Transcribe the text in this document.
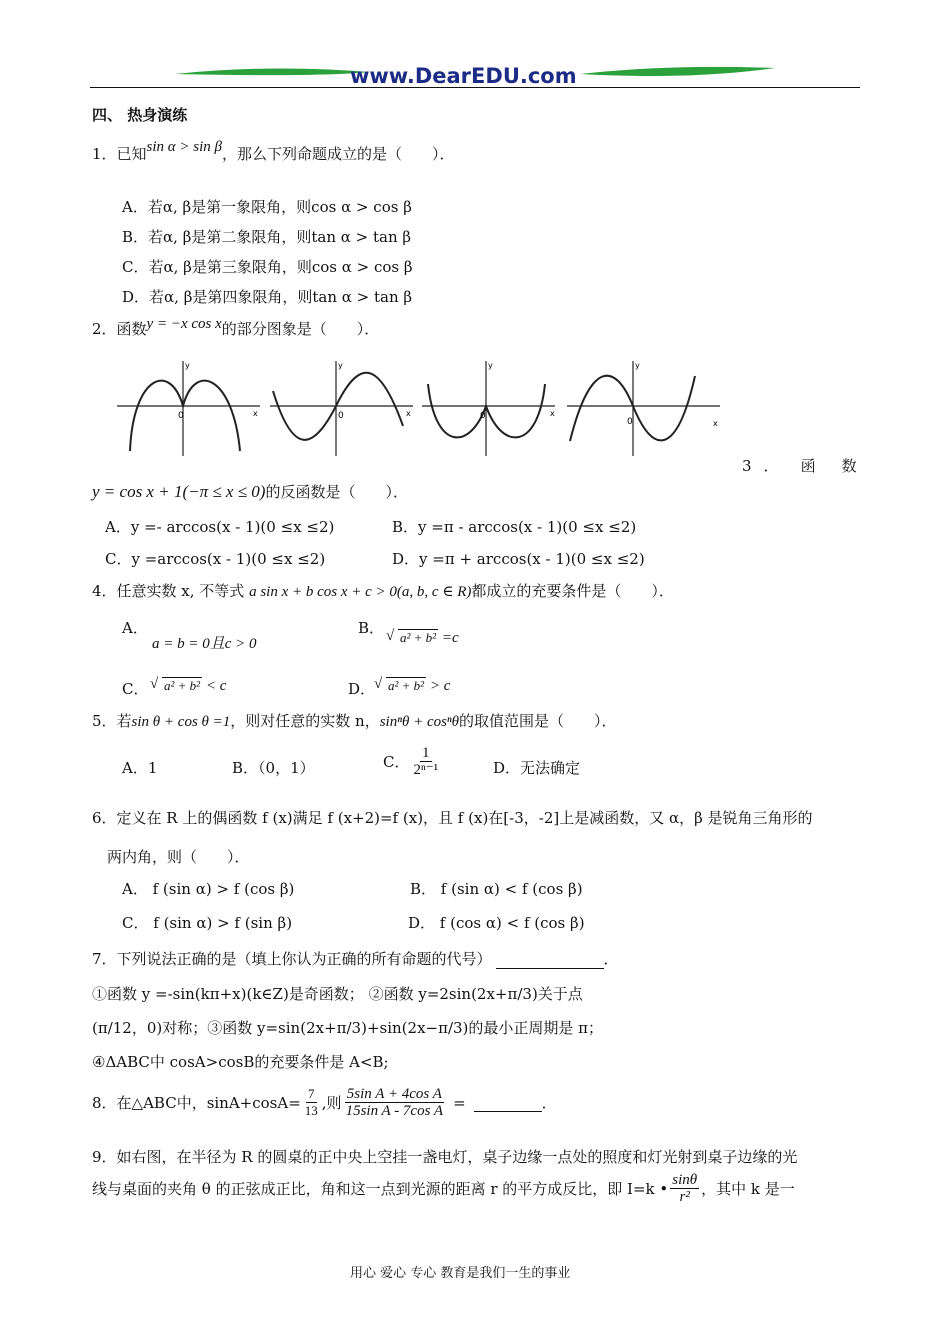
www.DearEDU.com
四、 热身演练
1．已知sin α > sin β，那么下列命题成立的是（　　）．
A．若α, β是第一象限角，则cos α > cos β
B．若α, β是第二象限角，则tan α > tan β
C．若α, β是第三象限角，则cos α > cos β
D．若α, β是第四象限角，则tan α > tan β
2．函数y = −x cos x的部分图象是（　　）．
0	x
y
0	x
y
0	x
y
0	x
y
3 ． 函 数
y = cos x + 1(−π ≤ x ≤ 0)的反函数是（　　）．
A．y =- arccos(x - 1)(0 ≤x ≤2)	B．y =π - arccos(x - 1)(0 ≤x ≤2)
C．y =arccos(x - 1)(0 ≤x ≤2)	D．y =π + arccos(x - 1)(0 ≤x ≤2)
4．任意实数 x, 不等式 a sin x + b cos x + c > 0(a, b, c ∈ R)都成立的充要条件是（　　）．
A．
a = b = 0且c > 0
B．
√ a² + b² =c
C．	√ a² + b² < c	D． √ a² + b² > c
5．若sin θ + cos θ =1，则对任意的实数 n，sinⁿθ + cosⁿθ的取值范围是（　　）．
A．1	B．（0，1）	C． $\frac{1}{\text{2ⁿ⁻¹}}$	D．无法确定
6．定义在 R 上的偶函数 f (x)满足 f (x+2)=f (x)，且 f (x)在[-3，-2]上是减函数，又 α，β 是锐角三角形的
两内角，则（　　）．
A． f (sin α) > f (cos β)	B． f (sin α) < f (cos β)
C． f (sin α) > f (sin β)	D． f (cos α) < f (cos β)
7．下列说法正确的是（填上你认为正确的所有命题的代号）	．
①函数 y =-sin(kπ+x)(k∈Z)是奇函数； ②函数 y=2sin(2x+π/3)关于点
(π/12，0)对称；③函数 y=sin(2x+π/3)+sin(2x−π/3)的最小正周期是 π；
④ΔABC中 cosA>cosB的充要条件是 A<B;
8．在△ABC中，$\sin A+\cos A= \frac{7}{13}$ ,则 $\frac{\text{5sin A + 4cos A}}{\text{15sin A - 7cos A}}$ =	．
9．如右图，在半径为 R 的圆桌的正中央上空挂一盏电灯，桌子边缘一点处的照度和灯光射到桌子边缘的光
线与桌面的夹角 θ 的正弦成正比，角和这一点到光源的距离 r 的平方成反比，即 I=k • $\frac{\sin\theta}{\text{r²}}$ ，其中 k 是一
用心 爱心 专心 教育是我们一生的事业
